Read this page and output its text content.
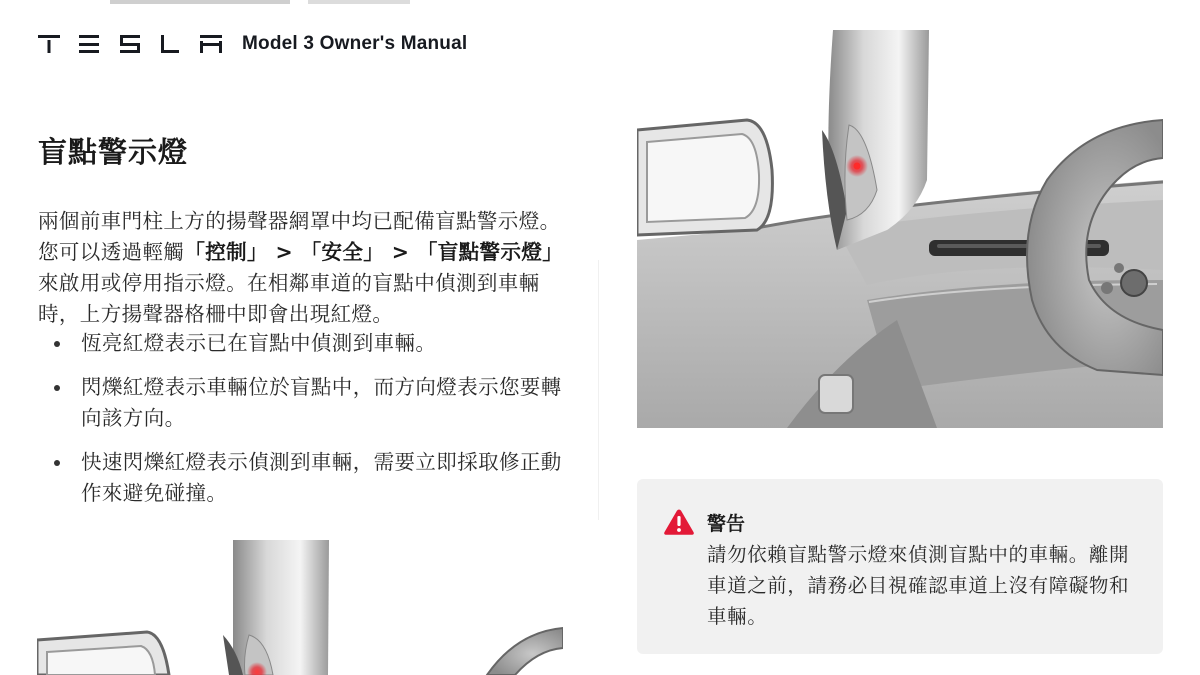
Model 3 Owner's Manual
盲點警示燈

兩個前車門柱上方的揚聲器網罩中均已配備盲點警示燈。您可以透過輕觸「控制」 > 「安全」 > 「盲點警示燈」來啟用或停用指示燈。在相鄰車道的盲點中偵測到車輛時，上方揚聲器格柵中即會出現紅燈。

恆亮紅燈表示已在盲點中偵測到車輛。
閃爍紅燈表示車輛位於盲點中，而方向燈表示您要轉向該方向。
快速閃爍紅燈表示偵測到車輛，需要立即採取修正動作來避免碰撞。
警告

請勿依賴盲點警示燈來偵測盲點中的車輛。離開車道之前，請務必目視確認車道上沒有障礙物和車輛。
